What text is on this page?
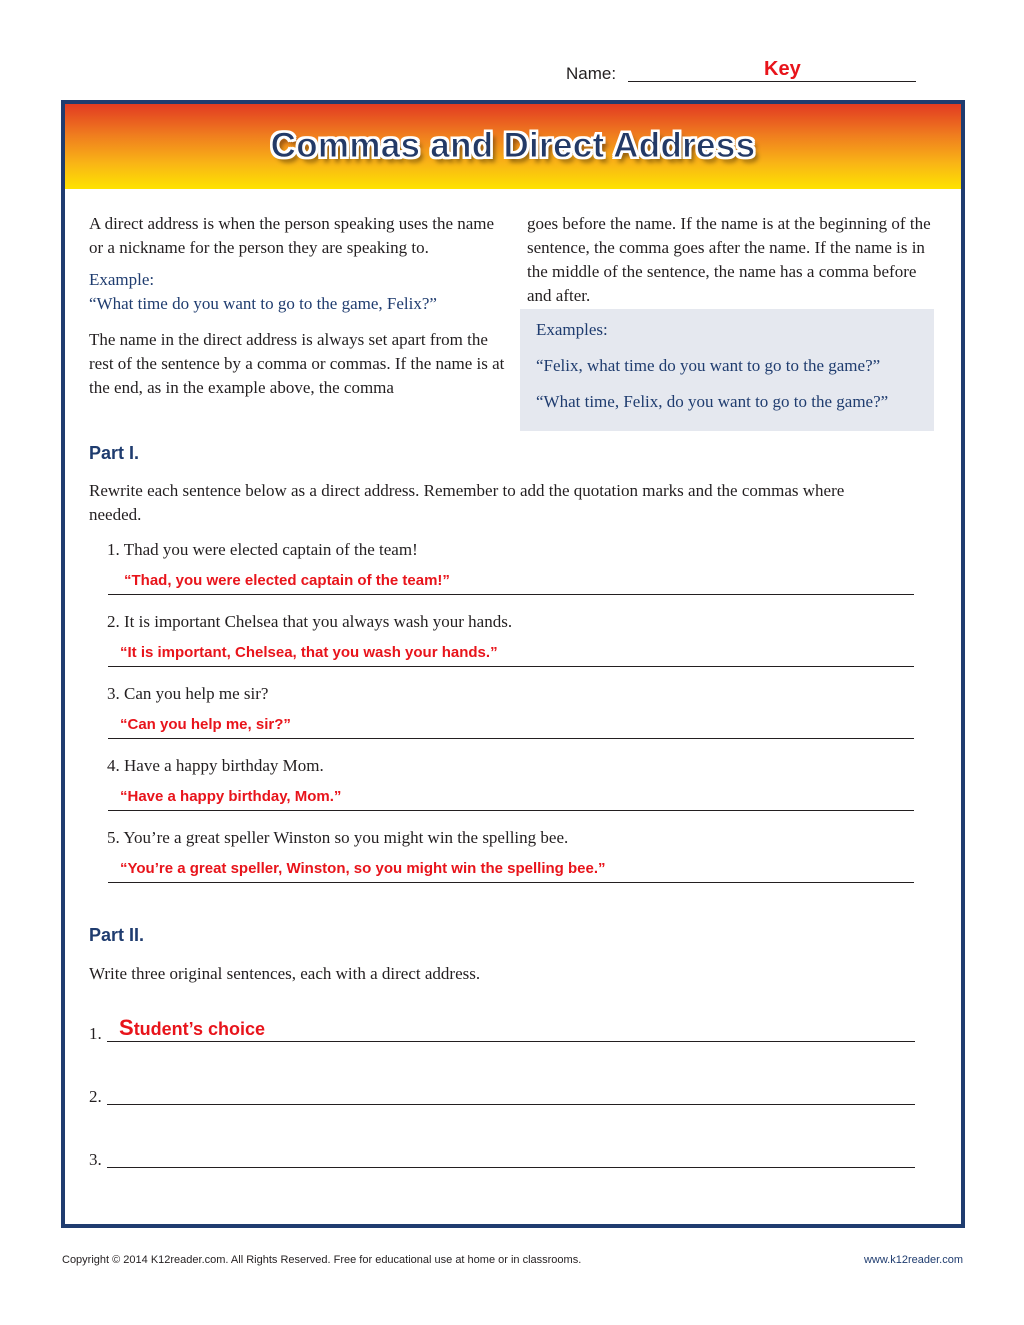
Name:	Key
Commas and Direct Address

A direct address is when the person speaking uses the name or a nickname for the person they are speaking to.

Example:

“What time do you want to go to the game, Felix?”

The name in the direct address is always set apart from the rest of the sentence by a comma or commas. If the name is at the end, as in the example above, the comma

goes before the name. If the name is at the beginning of the sentence, the comma goes after the name. If the name is in the middle of the sentence, the name has a comma before and after.

Examples:
“Felix, what time do you want to go to the game?”
“What time, Felix, do you want to go to the game?”
Part I.
Rewrite each sentence below as a direct address. Remember to add the quotation marks and the commas where needed.
1. Thad you were elected captain of the team!
“Thad, you were elected captain of the team!”
2. It is important Chelsea that you always wash your hands.
“It is important, Chelsea, that you wash your hands.”
3. Can you help me sir?
“Can you help me, sir?”
4. Have a happy birthday Mom.
“Have a happy birthday, Mom.”
5. You’re a great speller Winston so you might win the spelling bee.
“You’re a great speller, Winston, so you might win the spelling bee.”
Part II.
Write three original sentences, each with a direct address.
1. Student’s choice
2.
3.
Copyright © 2014 K12reader.com. All Rights Reserved. Free for educational use at home or in classrooms.	www.k12reader.com
